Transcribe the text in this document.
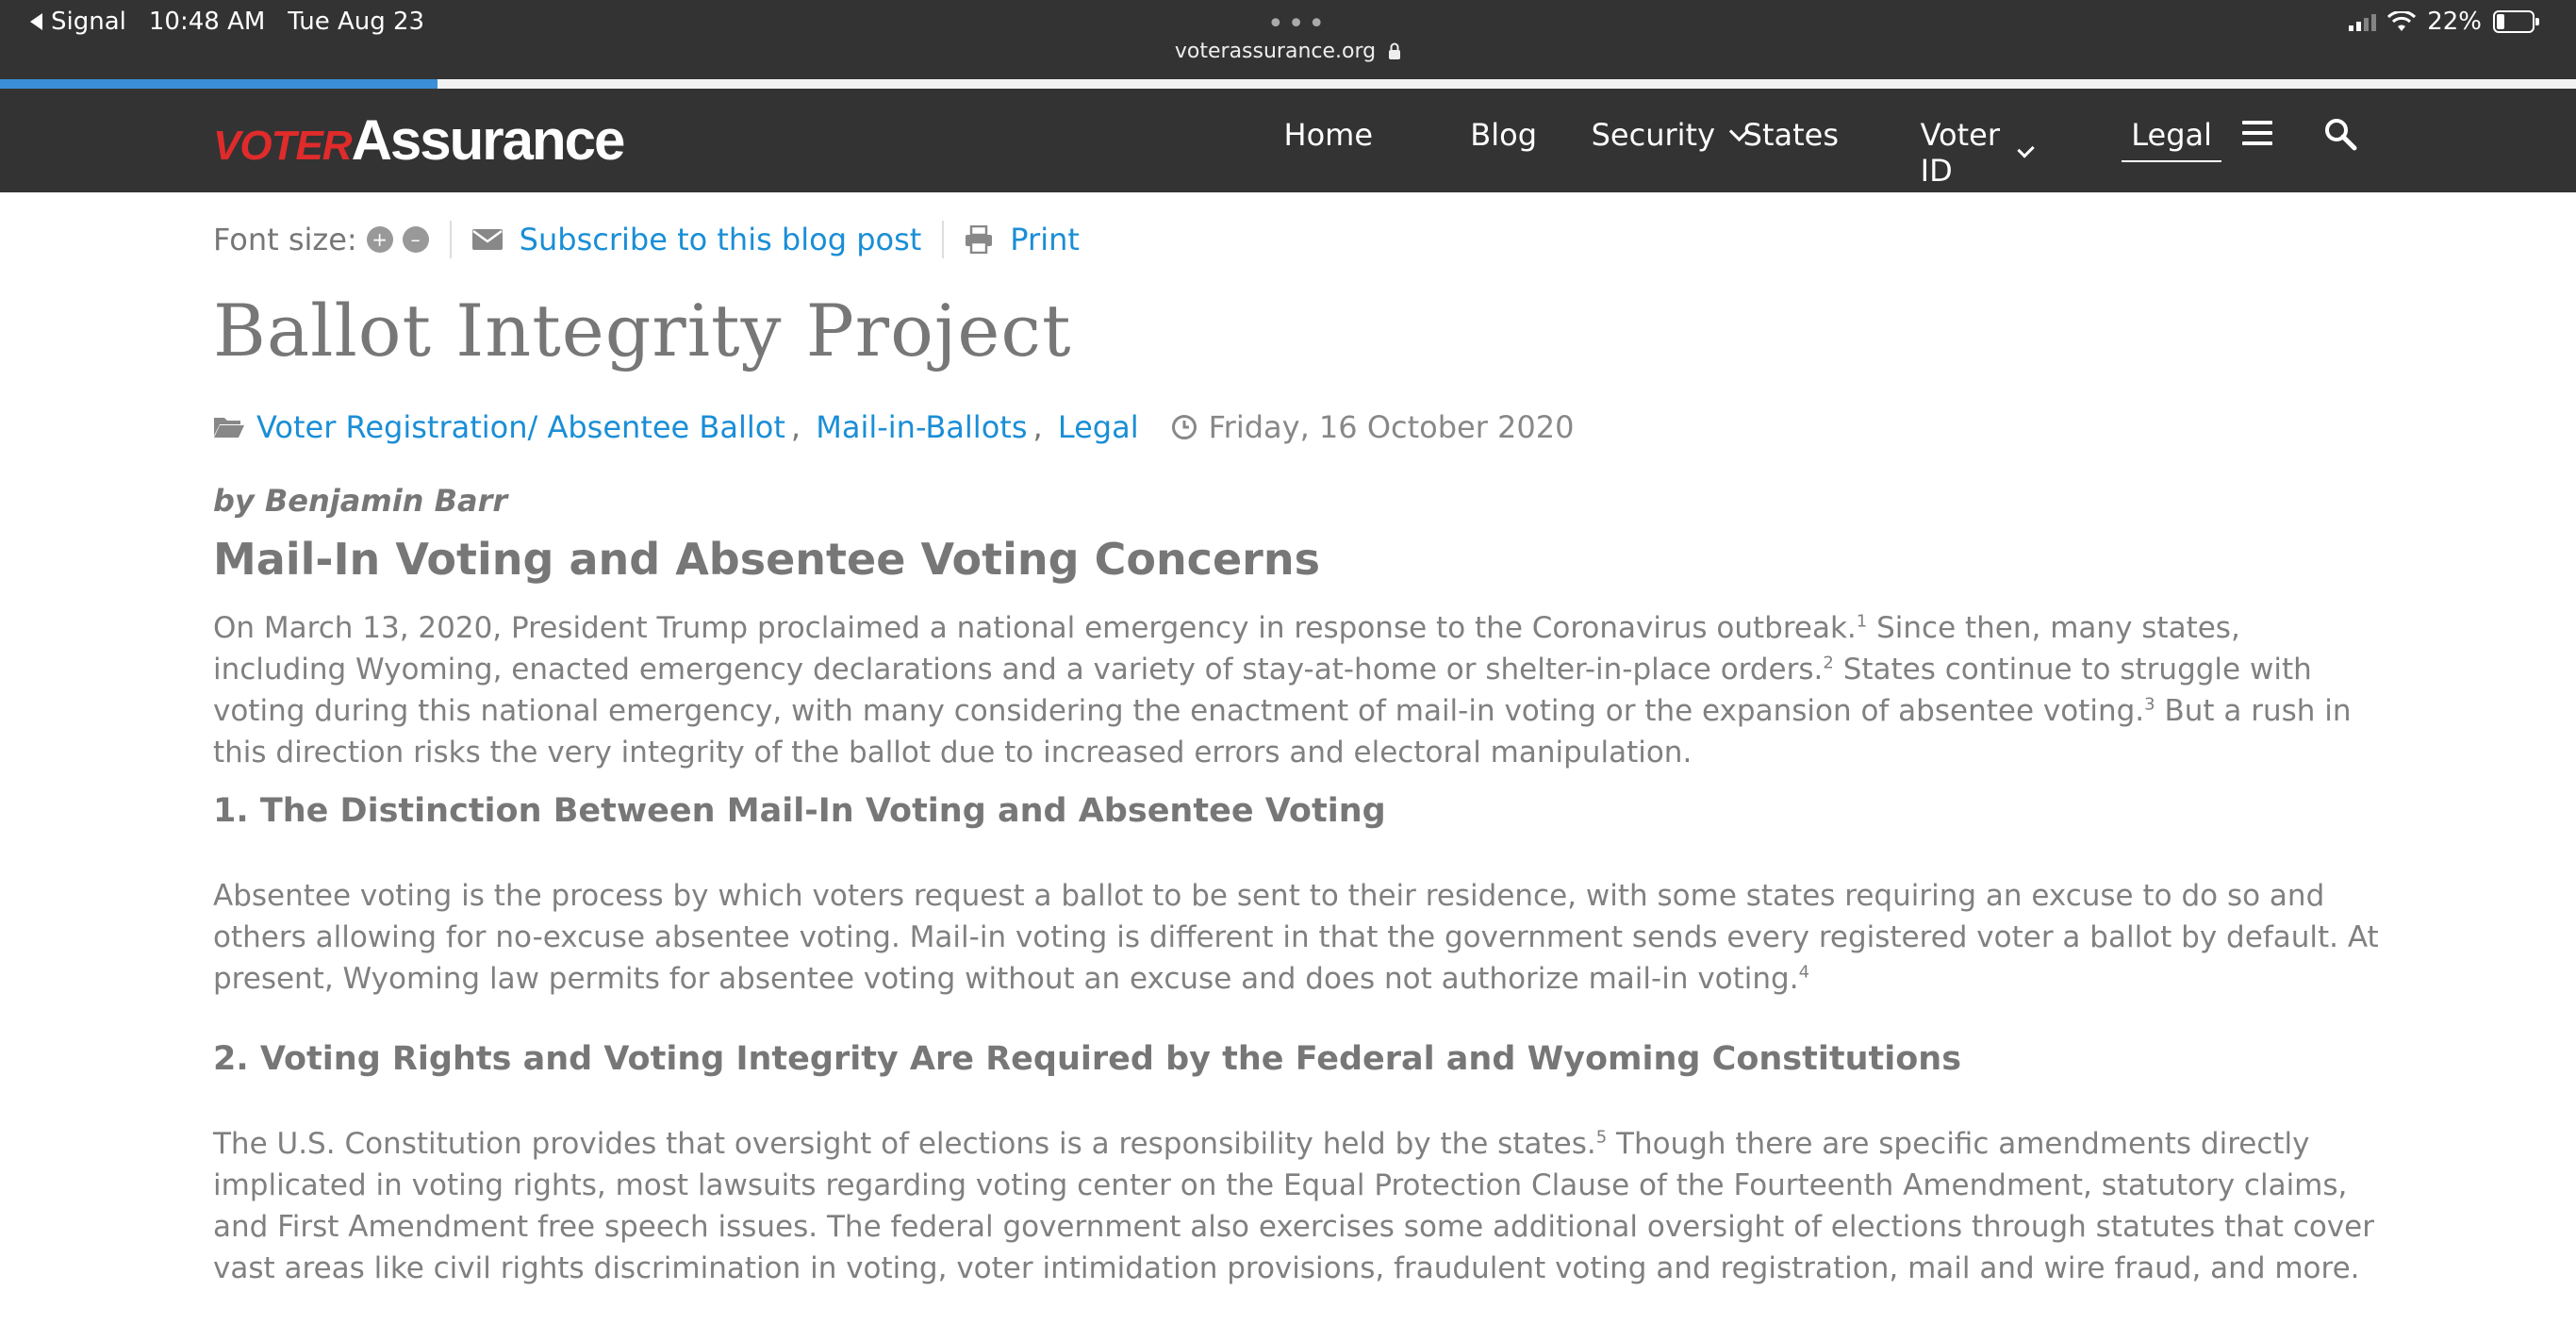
Signal 10:48 AM Tue Aug 23	•••
voterassurance.org
22%
VOTERAssurance	Home	Blog Security States	Voter ID
Legal
Font size: +	–	Subscribe to this blog post	Print
Ballot Integrity Project
Voter Registration/ Absentee Ballot , Mail-in-Ballots , Legal Friday, 16 October 2020
by Benjamin Barr
Mail-In Voting and Absentee Voting Concerns

On March 13, 2020, President Trump proclaimed a national emergency in response to the Coronavirus outbreak.$^1$ Since then, many states, including Wyoming, enacted emergency declarations and a variety of stay-at-home or shelter-in-place orders.$^2$ States continue to struggle with voting during this national emergency, with many considering the enactment of mail-in voting or the expansion of absentee voting.$^3$ But a rush in this direction risks the very integrity of the ballot due to increased errors and electoral manipulation.

1. The Distinction Between Mail-In Voting and Absentee Voting

Absentee voting is the process by which voters request a ballot to be sent to their residence, with some states requiring an excuse to do so and others allowing for no-excuse absentee voting. Mail-in voting is different in that the government sends every registered voter a ballot by default. At present, Wyoming law permits for absentee voting without an excuse and does not authorize mail-in voting.$^4$

2. Voting Rights and Voting Integrity Are Required by the Federal and Wyoming Constitutions

The U.S. Constitution provides that oversight of elections is a responsibility held by the states.$^5$ Though there are specific amendments directly implicated in voting rights, most lawsuits regarding voting center on the Equal Protection Clause of the Fourteenth Amendment, statutory claims, and First Amendment free speech issues. The federal government also exercises some additional oversight of elections through statutes that cover vast areas like civil rights discrimination in voting, voter intimidation provisions, fraudulent voting and registration, mail and wire fraud, and more.
